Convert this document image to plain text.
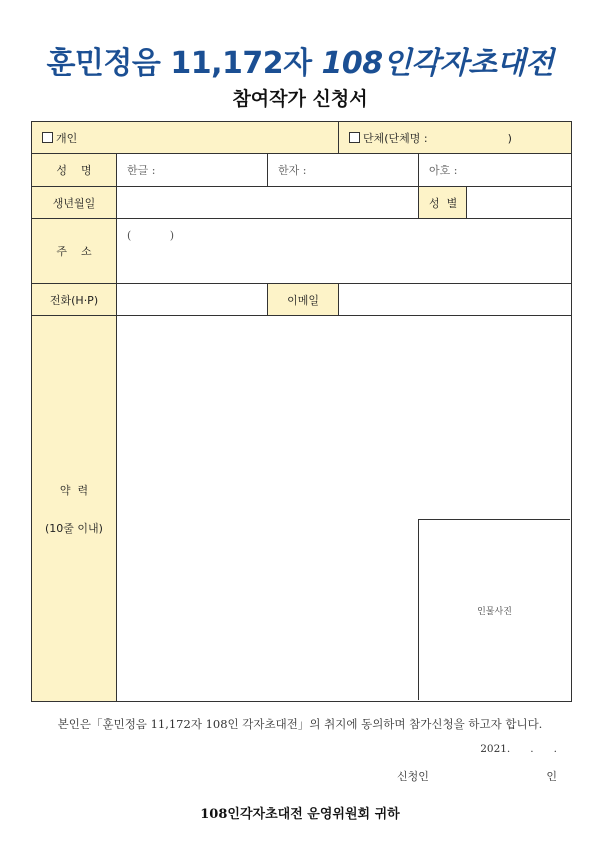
훈민정음 11,172자 108인각자초대전
참여작가 신청서
개인			단체(단체명 : )		
성    명	한글 :	한자 :		아호 :	
생년월일				성  별	
주    소	(           )				
전화(H·P)		이메일			

약  력
(10줄 이내)					
인물사진
본인은「훈민정음 11,172자 108인 각자초대전」의 취지에 동의하며 참가신청을 하고자 합니다.
2021.      .      .
신청인	인
108인각자초대전 운영위원회 귀하
